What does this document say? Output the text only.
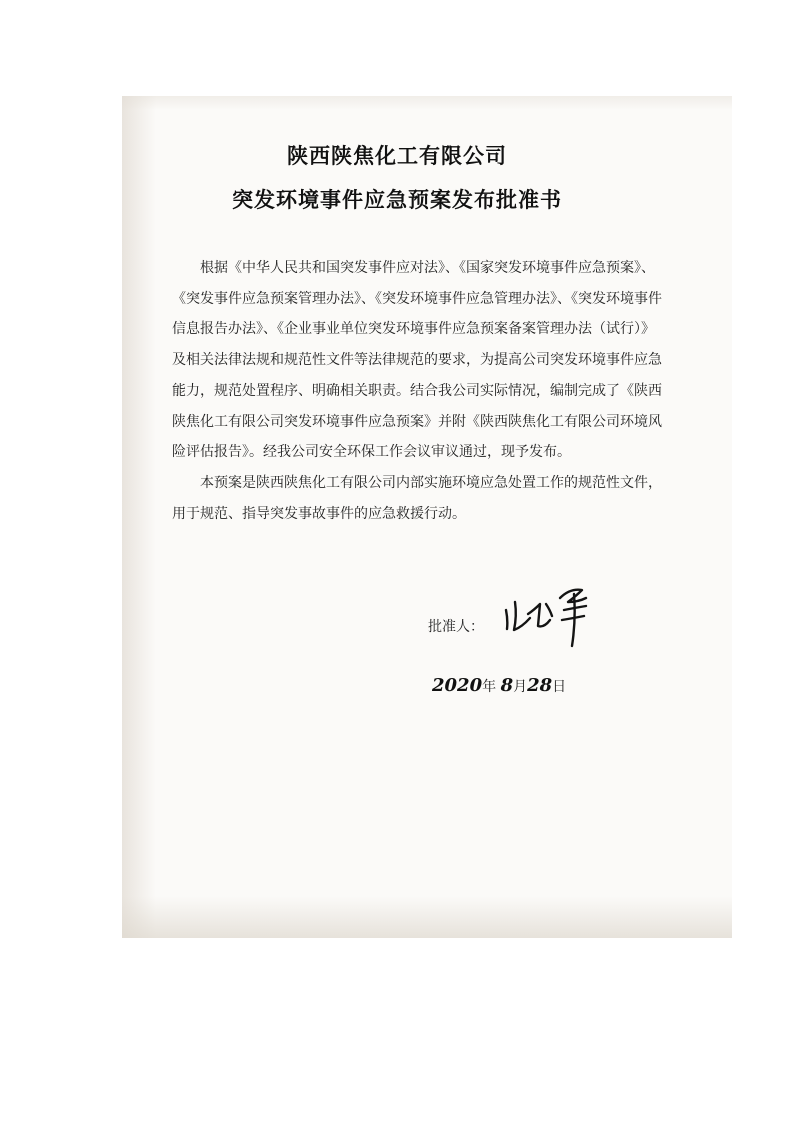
陕西陕焦化工有限公司
突发环境事件应急预案发布批准书
根据《中华人民共和国突发事件应对法》、《国家突发环境事件应急预案》、
《突发事件应急预案管理办法》、《突发环境事件应急管理办法》、《突发环境事件
信息报告办法》、《企业事业单位突发环境事件应急预案备案管理办法（试行）》
及相关法律法规和规范性文件等法律规范的要求，为提高公司突发环境事件应急
能力，规范处置程序、明确相关职责。结合我公司实际情况，编制完成了《陕西
陕焦化工有限公司突发环境事件应急预案》并附《陕西陕焦化工有限公司环境风
险评估报告》。经我公司安全环保工作会议审议通过，现予发布。
本预案是陕西陕焦化工有限公司内部实施环境应急处置工作的规范性文件，
用于规范、指导突发事故事件的应急救援行动。
批准人：
2020年 8月28日
